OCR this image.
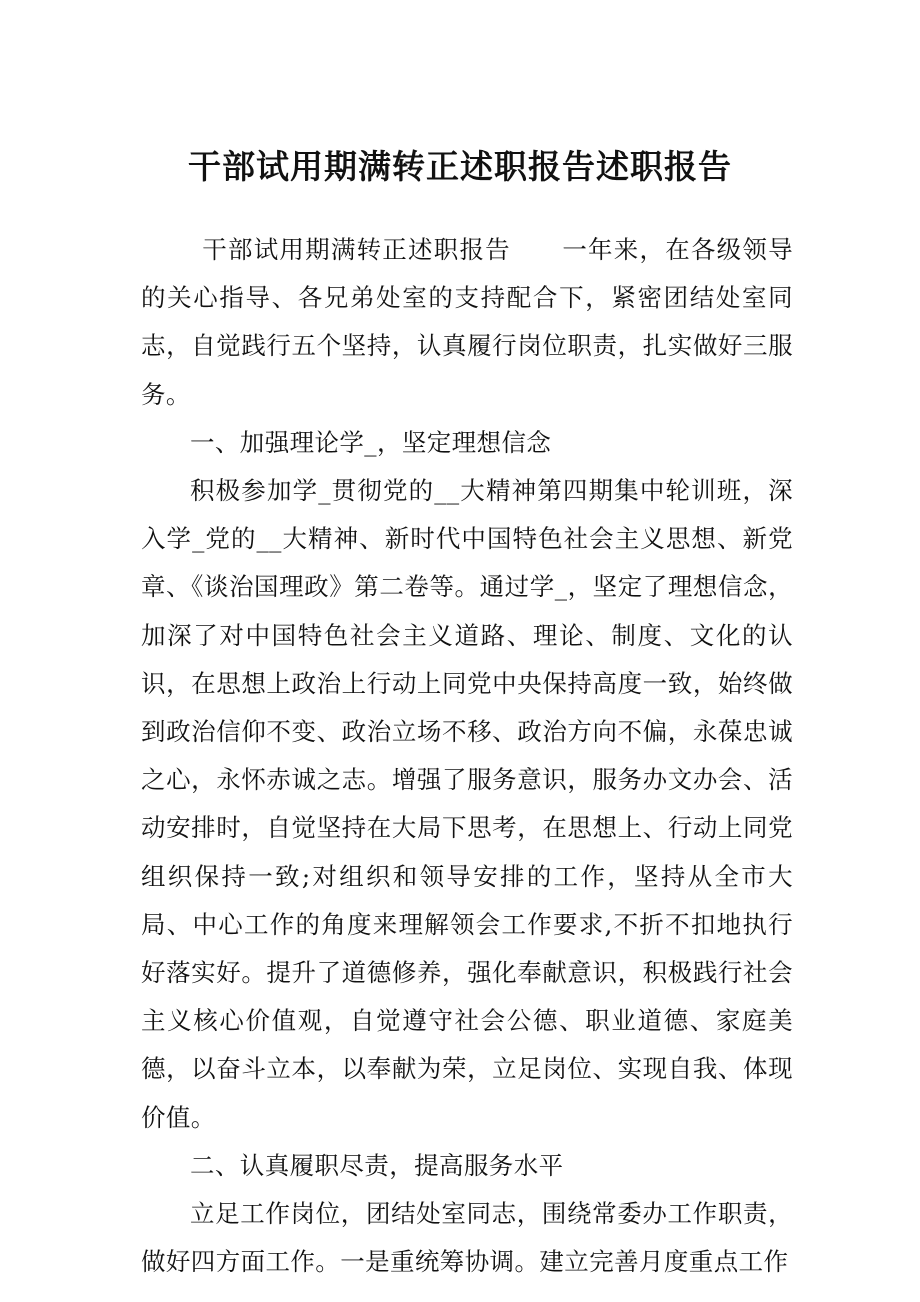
干部试用期满转正述职报告述职报告

干部试用期满转正述职报告　　一年来，在各级领导的关心指导、各兄弟处室的支持配合下，紧密团结处室同志，自觉践行五个坚持，认真履行岗位职责，扎实做好三服务。

一、加强理论学_，坚定理想信念

积极参加学_贯彻党的__大精神第四期集中轮训班，深入学_党的__大精神、新时代中国特色社会主义思想、新党章、《谈治国理政》第二卷等。通过学_，坚定了理想信念，加深了对中国特色社会主义道路、理论、制度、文化的认识，在思想上政治上行动上同党中央保持高度一致，始终做到政治信仰不变、政治立场不移、政治方向不偏，永葆忠诚之心，永怀赤诚之志。增强了服务意识，服务办文办会、活动安排时，自觉坚持在大局下思考，在思想上、行动上同党组织保持一致;对组织和领导安排的工作，坚持从全市大局、中心工作的角度来理解领会工作要求,不折不扣地执行好落实好。提升了道德修养，强化奉献意识，积极践行社会主义核心价值观，自觉遵守社会公德、职业道德、家庭美德，以奋斗立本，以奉献为荣，立足岗位、实现自我、体现价值。

二、认真履职尽责，提高服务水平

立足工作岗位，团结处室同志，围绕常委办工作职责，做好四方面工作。一是重统筹协调。建立完善月度重点工作
